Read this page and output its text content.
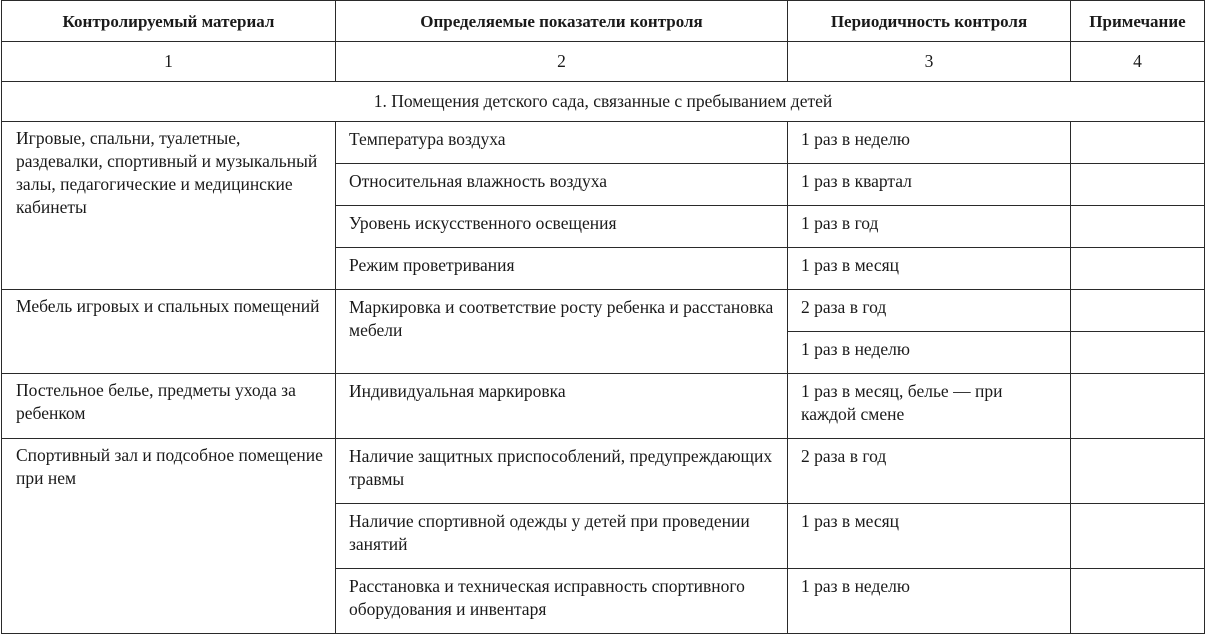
Контролируемый материал	Определяемые показатели контроля	Периодичность контроля	Примечание
1	2	3	4
1. Помещения детского сада, связанные с пребыванием детей			
Игровые, спальни, туалетные, раздевалки, спортивный и музыкальный залы, педагогические и медицинские кабинеты	Температура воздуха	1 раз в неделю	
	Относительная влажность воздуха	1 раз в квартал	
	Уровень искусственного освещения	1 раз в год	
	Режим проветривания	1 раз в месяц	
Мебель игровых и спальных помещений	Маркировка и соответствие росту ребенка и расстановка мебели	2 раза в год	
		1 раз в неделю	
Постельное белье, предметы ухода за ребенком	Индивидуальная маркировка	1 раз в месяц, белье — при каждой смене	
Спортивный зал и подсобное помещение при нем	Наличие защитных приспособлений, предупреждающих травмы	2 раза в год	
	Наличие спортивной одежды у детей при проведении занятий	1 раз в месяц	
	Расстановка и техническая исправность спортивного оборудования и инвентаря	1 раз в неделю	
